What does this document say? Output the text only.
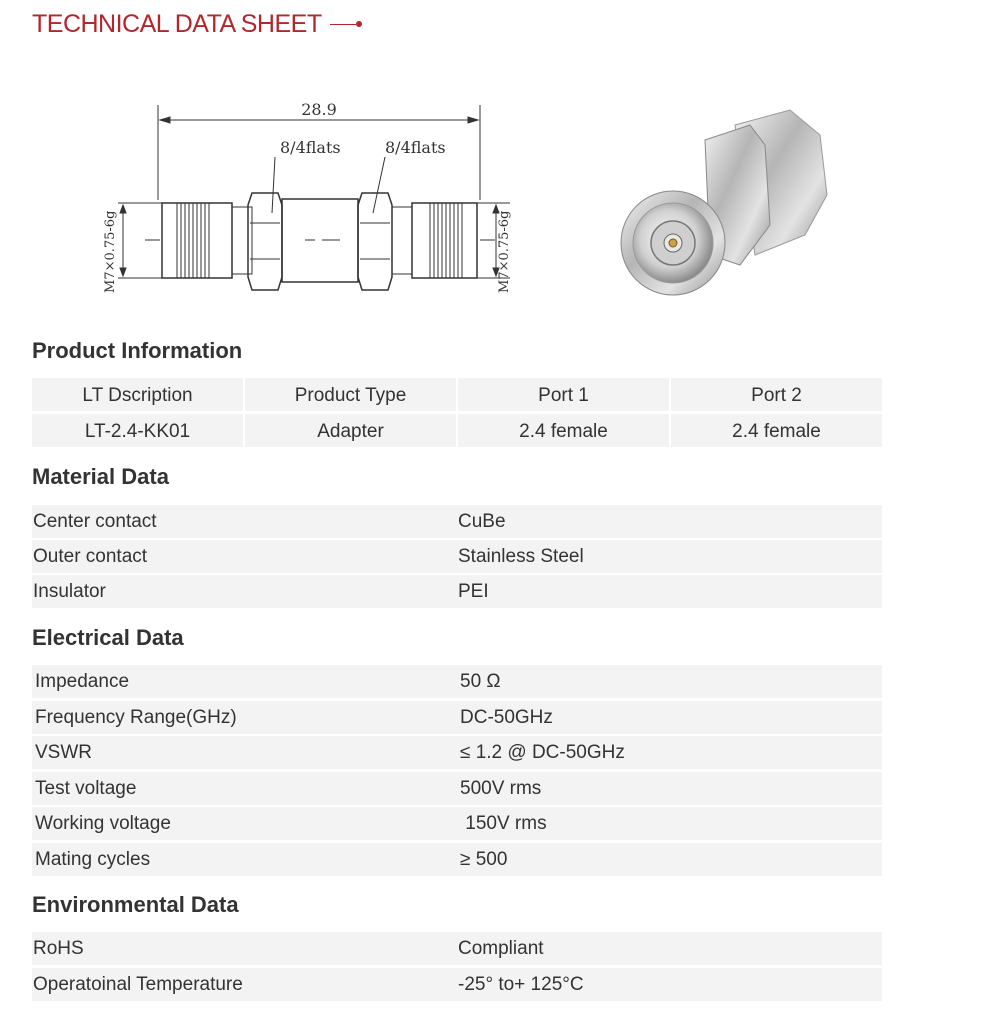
TECHNICAL DATA SHEET
28.9
8/4flats	8/4flats
M7×0.75-6g	M7×0.75-6g
Product Information
LT Dscription	Product Type	Port 1	Port 2
LT-2.4-KK01	Adapter	2.4 female	2.4 female
Material Data
Center contact	CuBe
Outer contact	Stainless Steel
Insulator	PEI
Electrical Data
Impedance	50 Ω
Frequency Range(GHz)	DC-50GHz
VSWR	≤ 1.2 @ DC-50GHz
Test voltage	500V rms
Working voltage	150V rms
Mating cycles	≥ 500
Environmental Data
RoHS	Compliant
Operatoinal Temperature	-25° to+ 125°C
